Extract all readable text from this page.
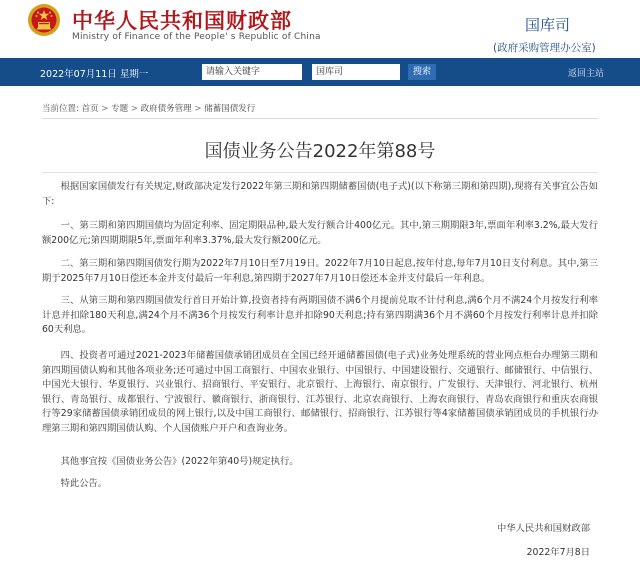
中华人民共和国财政部
Ministry of Finance of the People' s Republic of China
国库司
(政府采购管理办公室)
2022年07月11日 星期一	请输入关键字	国库司	搜索	返回主站
当前位置: 首页 > 专题 > 政府债务管理 > 储蓄国债发行
国债业务公告2022年第88号

根据国家国债发行有关规定,财政部决定发行2022年第三期和第四期储蓄国债(电子式)(以下称第三期和第四期),现将有关事宜公告如下:

一、第三期和第四期国债均为固定利率、固定期限品种,最大发行额合计400亿元。其中,第三期期限3年,票面年利率3.2%,最大发行额200亿元;第四期期限5年,票面年利率3.37%,最大发行额200亿元。

二、第三期和第四期国债发行期为2022年7月10日至7月19日。2022年7月10日起息,按年付息,每年7月10日支付利息。其中,第三期于2025年7月10日偿还本金并支付最后一年利息,第四期于2027年7月10日偿还本金并支付最后一年利息。

三、从第三期和第四期国债发行首日开始计算,投资者持有两期国债不满6个月提前兑取不计付利息,满6个月不满24个月按发行利率计息并扣除180天利息,满24个月不满36个月按发行利率计息并扣除90天利息;持有第四期满36个月不满60个月按发行利率计息并扣除60天利息。

四、投资者可通过2021-2023年储蓄国债承销团成员在全国已经开通储蓄国债(电子式)业务处理系统的营业网点柜台办理第三期和第四期国债认购和其他各项业务;还可通过中国工商银行、中国农业银行、中国银行、中国建设银行、交通银行、邮储银行、中信银行、中国光大银行、华夏银行、兴业银行、招商银行、平安银行、北京银行、上海银行、南京银行、广发银行、天津银行、河北银行、杭州银行、青岛银行、成都银行、宁波银行、徽商银行、浙商银行、江苏银行、北京农商银行、上海农商银行、青岛农商银行和重庆农商银行等29家储蓄国债承销团成员的网上银行,以及中国工商银行、邮储银行、招商银行、江苏银行等4家储蓄国债承销团成员的手机银行办理第三期和第四期国债认购、个人国债账户开户和查询业务。

其他事宜按《国债业务公告》(2022年第40号)规定执行。

特此公告。

中华人民共和国财政部
2022年7月8日
